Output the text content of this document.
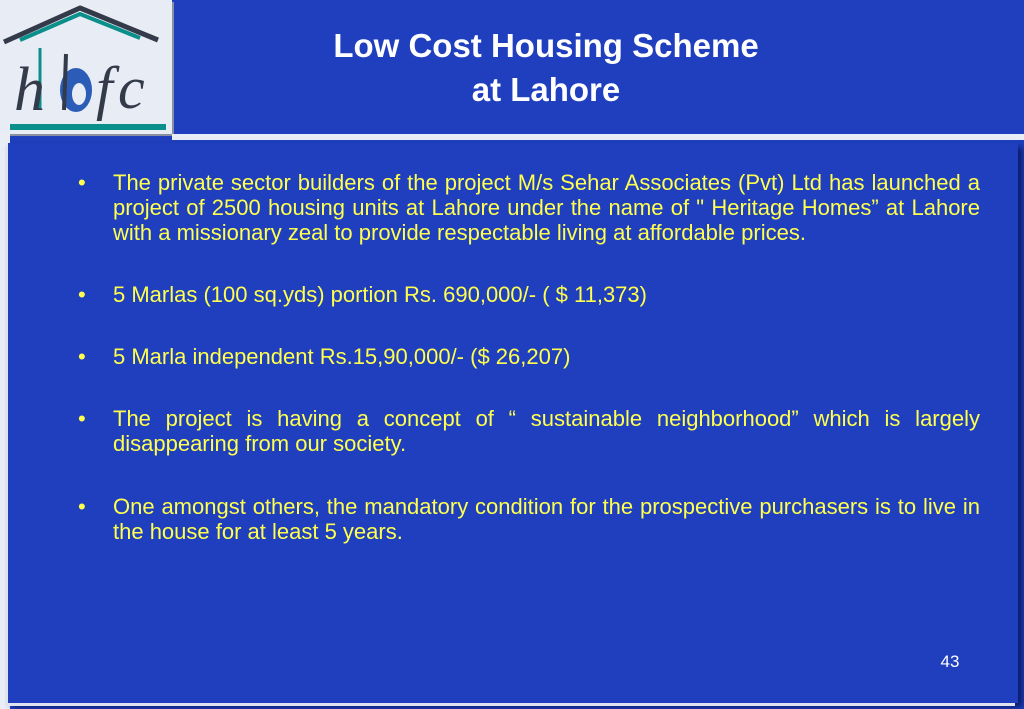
h f c
Low Cost Housing Scheme
at Lahore
• The private sector builders of the project M/s Sehar Associates (Pvt) Ltd has launched a project of 2500 housing units at Lahore under the name of " Heritage Homes” at Lahore with a missionary zeal to provide respectable living at affordable prices.
• 5 Marlas (100 sq.yds) portion Rs. 690,000/- ( $ 11,373)
• 5 Marla independent Rs.15,90,000/- ($ 26,207)
• The project is having a concept of “ sustainable neighborhood” which is largely disappearing from our society.
• One amongst others, the mandatory condition for the prospective purchasers is to live in the house for at least 5 years.
43
